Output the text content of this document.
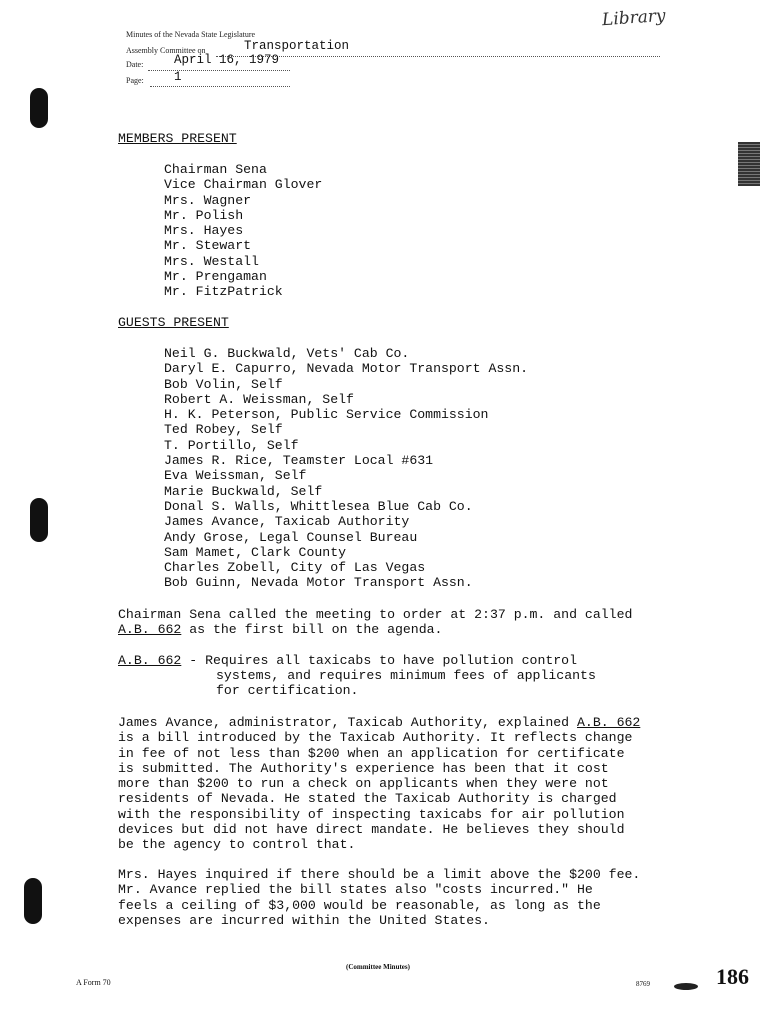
Minutes of the Nevada State Legislature
Assembly Committee on	Transportation
Date: April 16, 1979
Page: 1
Library
MEMBERS PRESENT
Chairman Sena
Vice Chairman Glover
Mrs. Wagner
Mr. Polish
Mrs. Hayes
Mr. Stewart
Mrs. Westall
Mr. Prengaman
Mr. FitzPatrick
GUESTS PRESENT
Neil G. Buckwald, Vets' Cab Co.
Daryl E. Capurro, Nevada Motor Transport Assn.
Bob Volin, Self
Robert A. Weissman, Self
H. K. Peterson, Public Service Commission
Ted Robey, Self
T. Portillo, Self
James R. Rice, Teamster Local #631
Eva Weissman, Self
Marie Buckwald, Self
Donal S. Walls, Whittlesea Blue Cab Co.
James Avance, Taxicab Authority
Andy Grose, Legal Counsel Bureau
Sam Mamet, Clark County
Charles Zobell, City of Las Vegas
Bob Guinn, Nevada Motor Transport Assn.
Chairman Sena called the meeting to order at 2:37 p.m. and called
A.B. 662 as the first bill on the agenda.
A.B. 662 - Requires all taxicabs to have pollution control
systems, and requires minimum fees of applicants
for certification.
James Avance, administrator, Taxicab Authority, explained A.B. 662
is a bill introduced by the Taxicab Authority. It reflects change
in fee of not less than $200 when an application for certificate
is submitted. The Authority's experience has been that it cost
more than $200 to run a check on applicants when they were not
residents of Nevada. He stated the Taxicab Authority is charged
with the responsibility of inspecting taxicabs for air pollution
devices but did not have direct mandate. He believes they should
be the agency to control that.
Mrs. Hayes inquired if there should be a limit above the $200 fee.
Mr. Avance replied the bill states also "costs incurred." He
feels a ceiling of $3,000 would be reasonable, as long as the
expenses are incurred within the United States.
A Form 70
(Committee Minutes)
8769	186
